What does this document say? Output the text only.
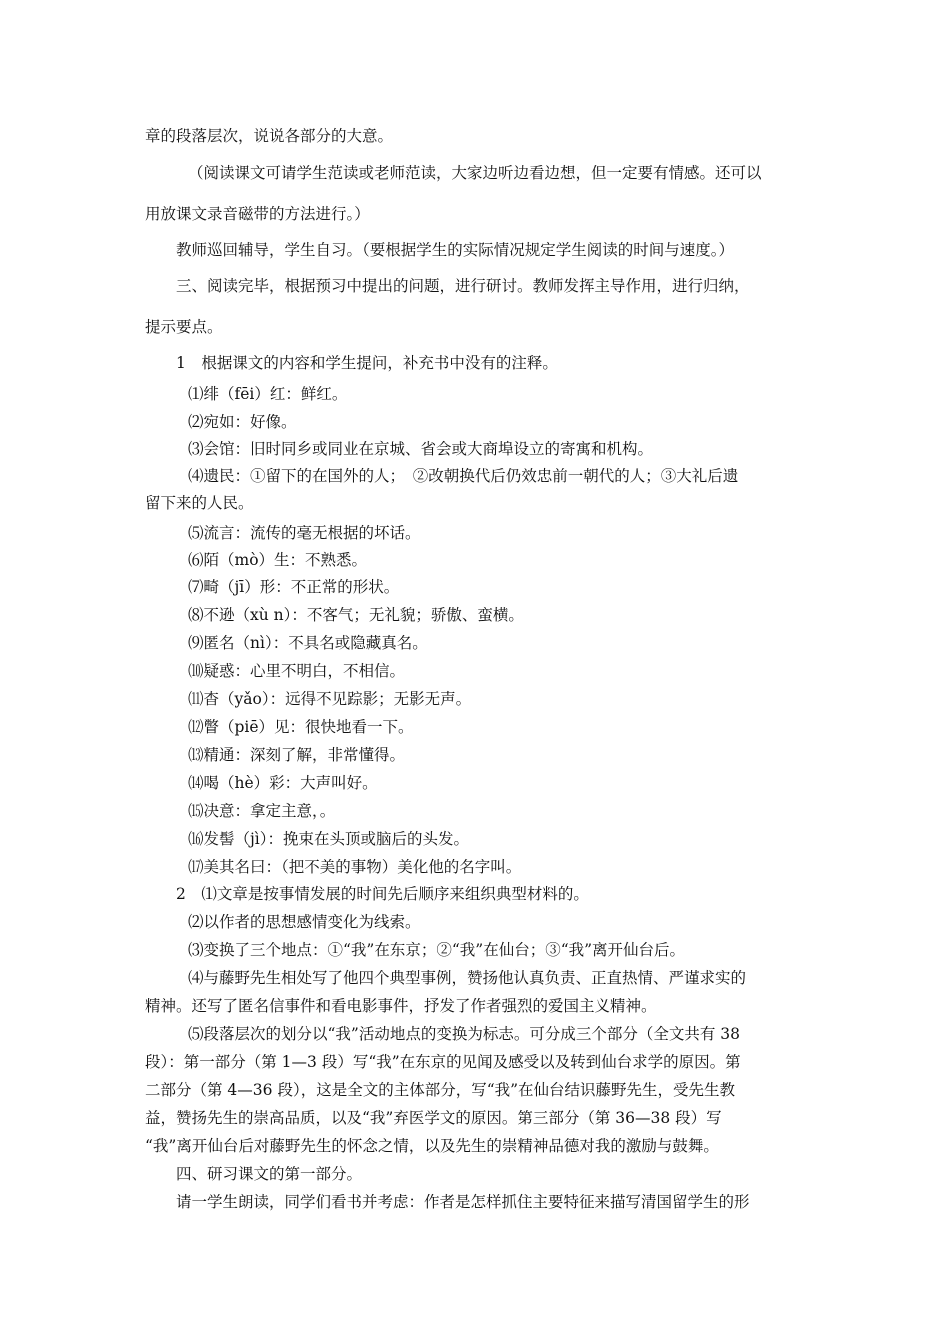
章的段落层次，说说各部分的大意。
（阅读课文可请学生范读或老师范读，大家边听边看边想，但一定要有情感。还可以
用放课文录音磁带的方法进行。）
教师巡回辅导，学生自习。（要根据学生的实际情况规定学生阅读的时间与速度。）
三、阅读完毕，根据预习中提出的问题，进行研讨。教师发挥主导作用，进行归纳，
提示要点。
1　根据课文的内容和学生提问，补充书中没有的注释。
⑴绯（fēi）红：鲜红。
⑵宛如：好像。
⑶会馆：旧时同乡或同业在京城、省会或大商埠设立的寄寓和机构。
⑷遗民：①留下的在国外的人；　②改朝换代后仍效忠前一朝代的人；③大礼后遗
留下来的人民。
⑸流言：流传的毫无根据的坏话。
⑹陌（mò）生：不熟悉。
⑺畸（jī）形：不正常的形状。
⑻不逊（xù n）：不客气；无礼貌；骄傲、蛮横。
⑼匿名（nì）：不具名或隐藏真名。
⑽疑惑：心里不明白，不相信。
⑾杳（yǎo）：远得不见踪影；无影无声。
⑿瞥（piē）见：很快地看一下。
⒀精通：深刻了解，非常懂得。
⒁喝（hè）彩：大声叫好。
⒂决意：拿定主意，。
⒃发髻（jì）：挽束在头顶或脑后的头发。
⒄美其名曰：（把不美的事物）美化他的名字叫。
2　⑴文章是按事情发展的时间先后顺序来组织典型材料的。
⑵以作者的思想感情变化为线索。
⑶变换了三个地点：①“我”在东京；②“我”在仙台；③“我”离开仙台后。
⑷与藤野先生相处写了他四个典型事例，赞扬他认真负责、正直热情、严谨求实的
精神。还写了匿名信事件和看电影事件，抒发了作者强烈的爱国主义精神。
⑸段落层次的划分以“我”活动地点的变换为标志。可分成三个部分（全文共有 38
段）：第一部分（第 1—3 段）写“我”在东京的见闻及感受以及转到仙台求学的原因。第
二部分（第 4—36 段），这是全文的主体部分，写“我”在仙台结识藤野先生，受先生教
益，赞扬先生的崇高品质，以及“我”弃医学文的原因。第三部分（第 36—38 段）写
“我”离开仙台后对藤野先生的怀念之情，以及先生的崇精神品德对我的激励与鼓舞。
四、研习课文的第一部分。
请一学生朗读，同学们看书并考虑：作者是怎样抓住主要特征来描写清国留学生的形
